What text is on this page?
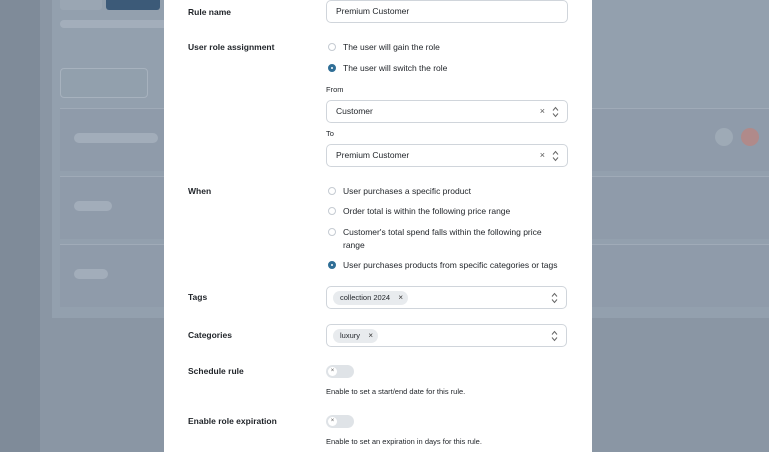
Rule name	Premium Customer
User role assignment	The user will gain the role
The user will switch the role
From
Customer	×
To
Premium Customer	×
When	User purchases a specific product
Order total is within the following price range
Customer's total spend falls within the following price
range
User purchases products from specific categories or tags
Tags	collection 2024 ×
Categories	luxury ×
Schedule rule	×
Enable to set a start/end date for this rule.
Enable role expiration	×
Enable to set an expiration in days for this rule.
